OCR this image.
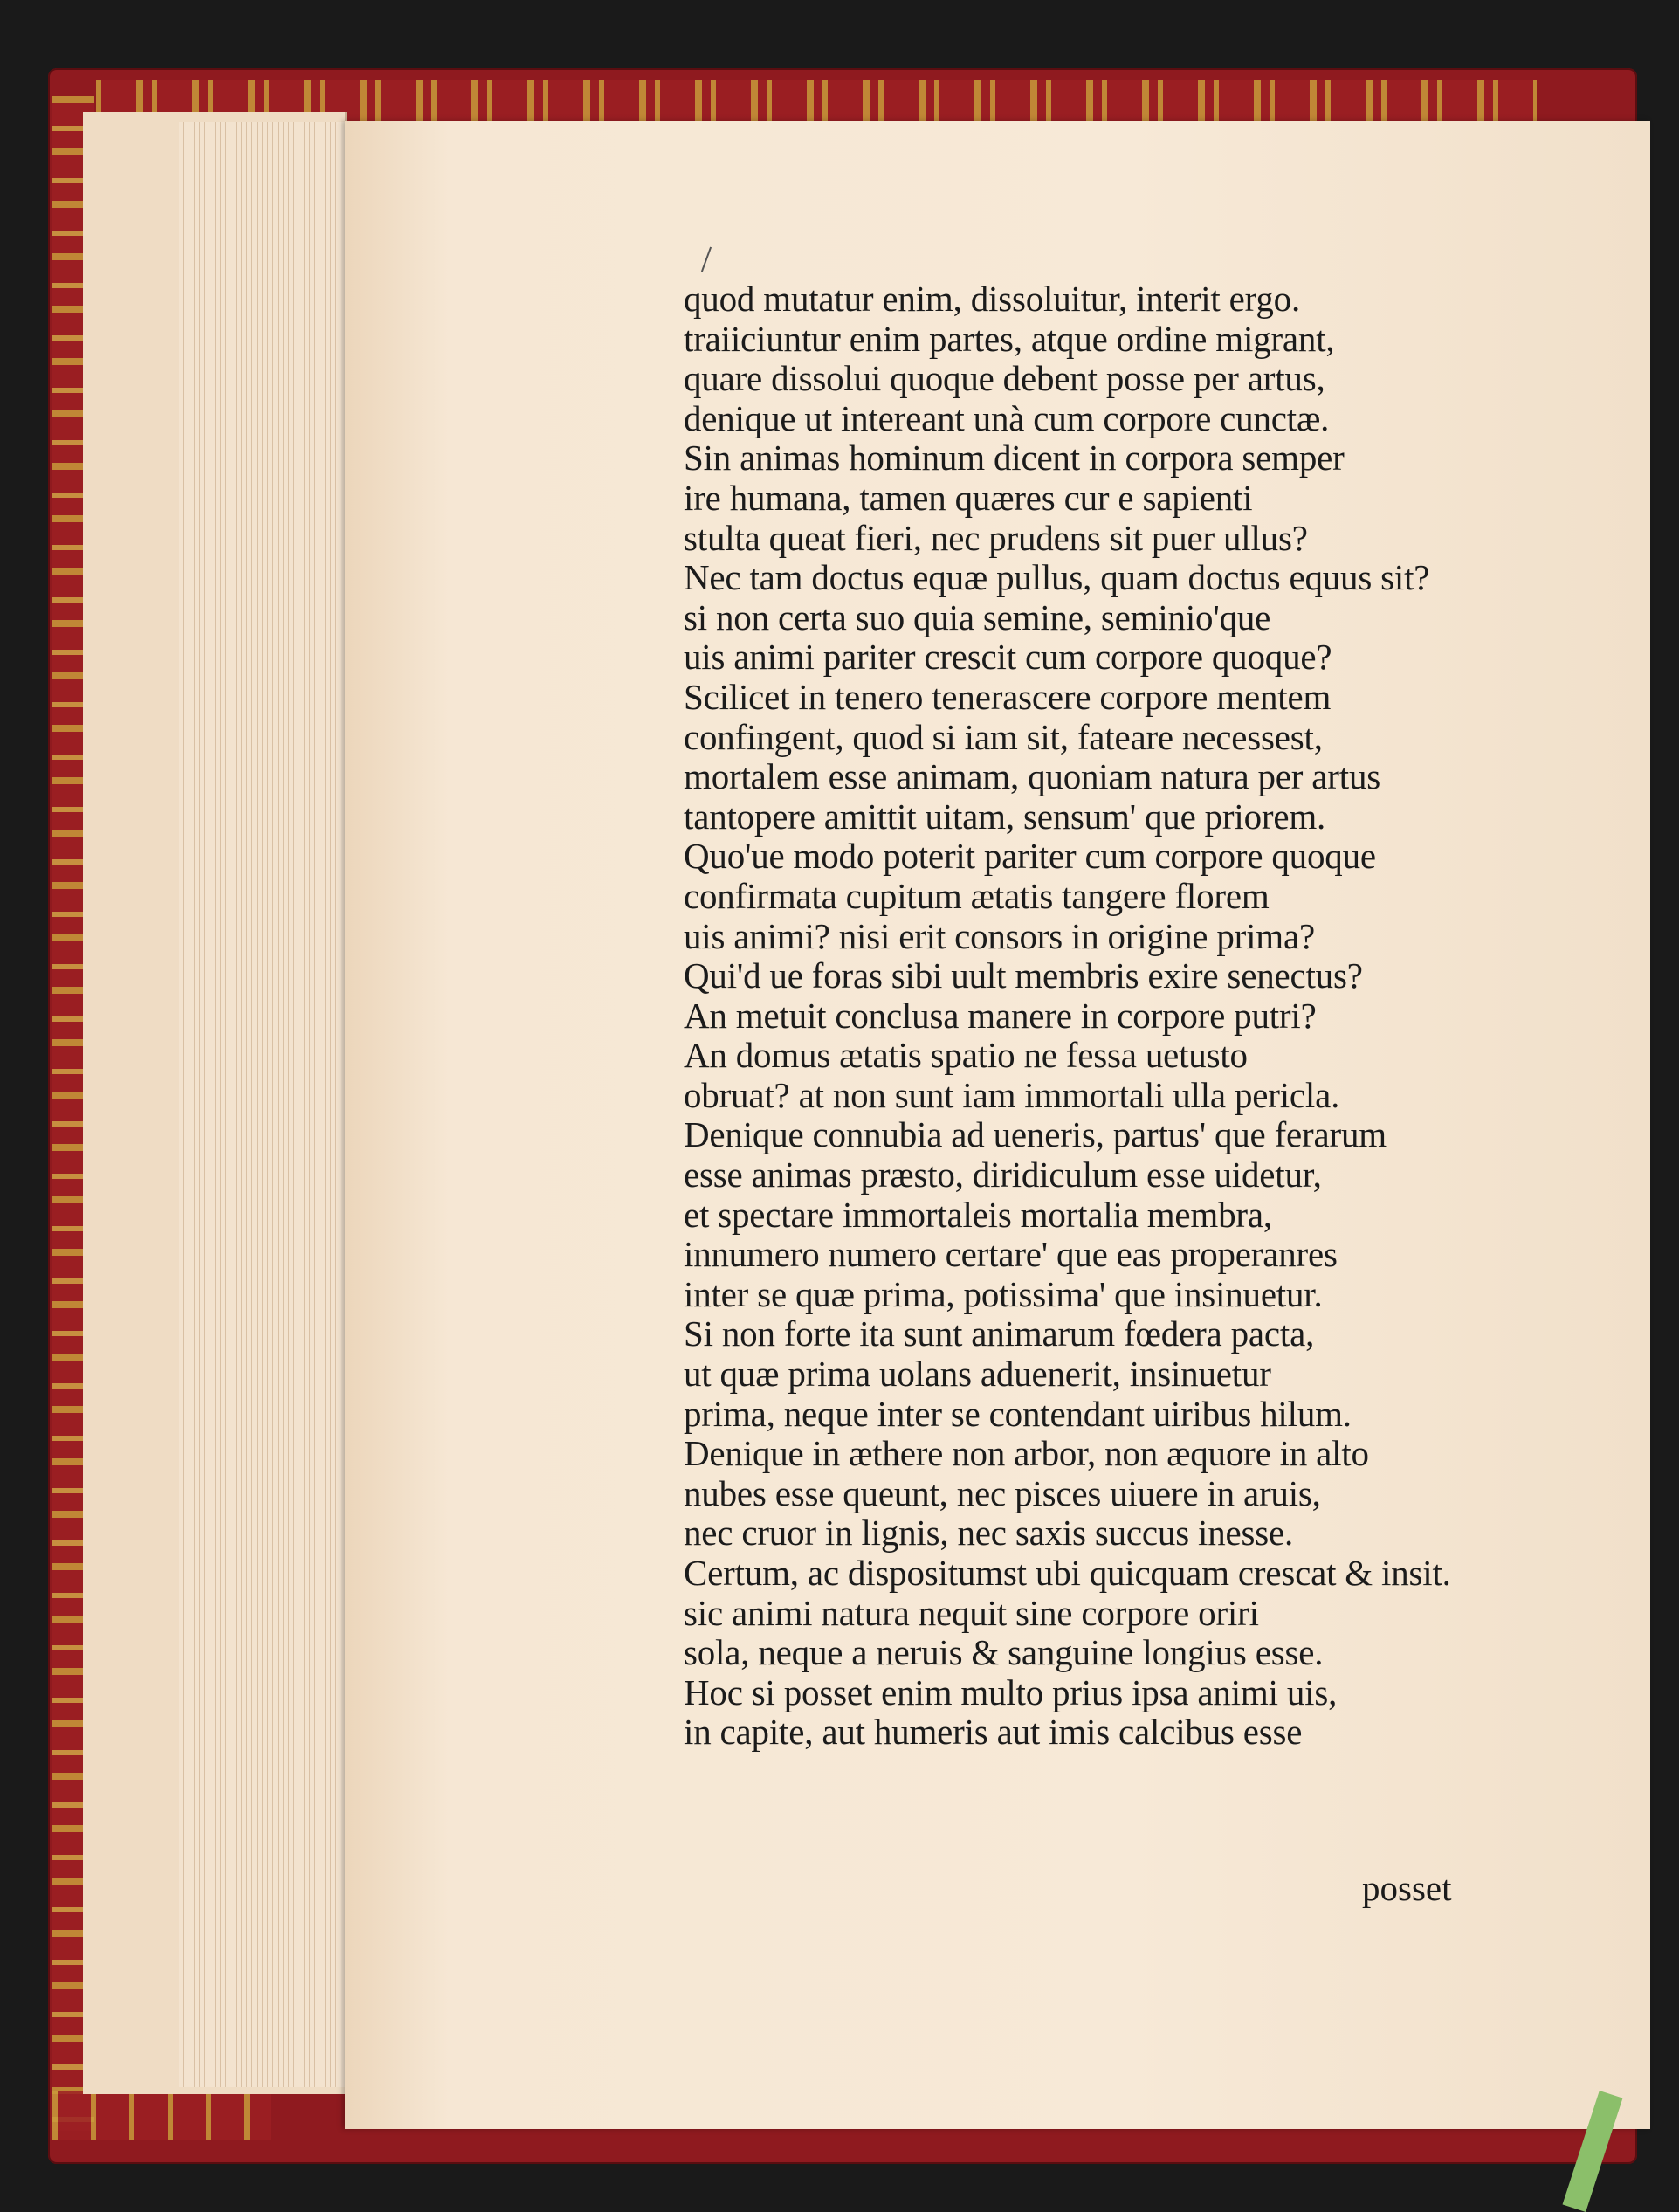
quod mutatur enim, dissoluitur, interit ergo.
traiiciuntur enim partes, atque ordine migrant,
quare dissolui quoque debent posse per artus,
denique ut intereant unà cum corpore cunctæ.
Sin animas hominum dicent in corpora semper
ire humana, tamen quæres cur e sapienti
stulta queat fieri, nec prudens sit puer ullus?
Nec tam doctus equæ pullus, quam doctus equus sit?
si non certa suo quia semine, seminio'que
uis animi pariter crescit cum corpore quoque?
Scilicet in tenero tenerascere corpore mentem
confingent, quod si iam sit, fateare necessest,
mortalem esse animam, quoniam natura per artus
tantopere amittit uitam, sensum' que priorem.
Quo'ue modo poterit pariter cum corpore quoque
confirmata cupitum ætatis tangere florem
uis animi? nisi erit consors in origine prima?
Qui'd ue foras sibi uult membris exire senectus?
An metuit conclusa manere in corpore putri?
An domus ætatis spatio ne fessa uetusto
obruat? at non sunt iam immortali ulla pericla.
Denique connubia ad ueneris, partus' que ferarum
esse animas præsto, diridiculum esse uidetur,
et spectare immortaleis mortalia membra,
innumero numero certare' que eas properanres
inter se quæ prima, potissima' que insinuetur.
Si non forte ita sunt animarum fœdera pacta,
ut quæ prima uolans aduenerit, insinuetur
prima, neque inter se contendant uiribus hilum.
Denique in æthere non arbor, non æquore in alto
nubes esse queunt, nec pisces uiuere in aruis,
nec cruor in lignis, nec saxis succus inesse.
Certum, ac dispositumst ubi quicquam crescat & insit.
sic animi natura nequit sine corpore oriri
sola, neque a neruis & sanguine longius esse.
Hoc si posset enim multo prius ipsa animi uis,
in capite, aut humeris aut imis calcibus esse
posset
